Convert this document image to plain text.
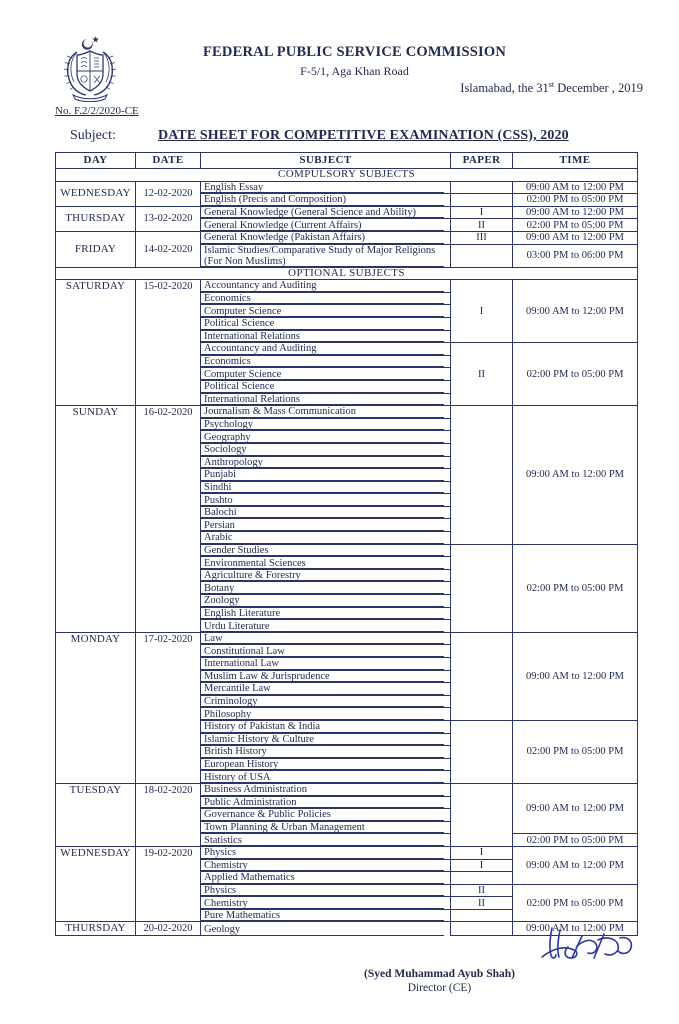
FEDERAL PUBLIC SERVICE COMMISSION
F-5/1, Aga Khan Road
Islamabad, the 31st December , 2019
No. F.2/2/2020-CE
Subject:	DATE SHEET FOR COMPETITIVE EXAMINATION (CSS), 2020
DAY	DATE	SUBJECT	PAPER	TIME
COMPULSORY SUBJECTS				
WEDNESDAY	12-02-2020	English Essay		09:00 AM to 12:00 PM

		English (Precis and Composition)		02:00 PM to 05:00 PM
THURSDAY	13-02-2020	General Knowledge (General Science and Ability)	I	09:00 AM to 12:00 PM

		General Knowledge (Current Affairs)	II	02:00 PM to 05:00 PM
FRIDAY	14-02-2020	General Knowledge (Pakistan Affairs)	III	09:00 AM to 12:00 PM

		Islamic Studies/Comparative Study of Major Religions (For Non Muslims)		03:00 PM to 06:00 PM
OPTIONAL SUBJECTS				
SATURDAY	15-02-2020	Accountancy and Auditing	I	09:00 AM to 12:00 PM

		Economics		

		Computer Science		

		Political Science		

		International Relations		

		Accountancy and Auditing	II	02:00 PM to 05:00 PM

		Economics		

		Computer Science		

		Political Science		

		International Relations		

SUNDAY	16-02-2020	Journalism & Mass Communication		09:00 AM to 12:00 PM

		Psychology		

		Geography		

		Sociology		

		Anthropology		

		Punjabi		

		Sindhi		

		Pushto		

		Balochi		

		Persian		

		Arabic		

		Gender Studies		02:00 PM to 05:00 PM

		Environmental Sciences		

		Agriculture & Forestry		

		Botany		

		Zoology		

		English Literature		

		Urdu Literature		

MONDAY	17-02-2020	Law		09:00 AM to 12:00 PM

		Constitutional Law		

		International Law		

		Muslim Law & Jurisprudence		

		Mercantile Law		

		Criminology		

		Philosophy		

		History of Pakistan & India		02:00 PM to 05:00 PM

		Islamic History & Culture		

		British History		

		European History		

		History of USA		

TUESDAY	18-02-2020	Business Administration		09:00 AM to 12:00 PM

		Public Administration		

		Governance & Public Policies		

		Town Planning & Urban Management		

		Statistics		02:00 PM to 05:00 PM
WEDNESDAY	19-02-2020	Physics	I	09:00 AM to 12:00 PM

		Chemistry	I	

		Applied Mathematics		

		Physics	II	02:00 PM to 05:00 PM

		Chemistry	II	

		Pure Mathematics		

THURSDAY	20-02-2020	Geology		09:00 AM to 12:00 PM
(Syed Muhammad Ayub Shah)
Director (CE)
